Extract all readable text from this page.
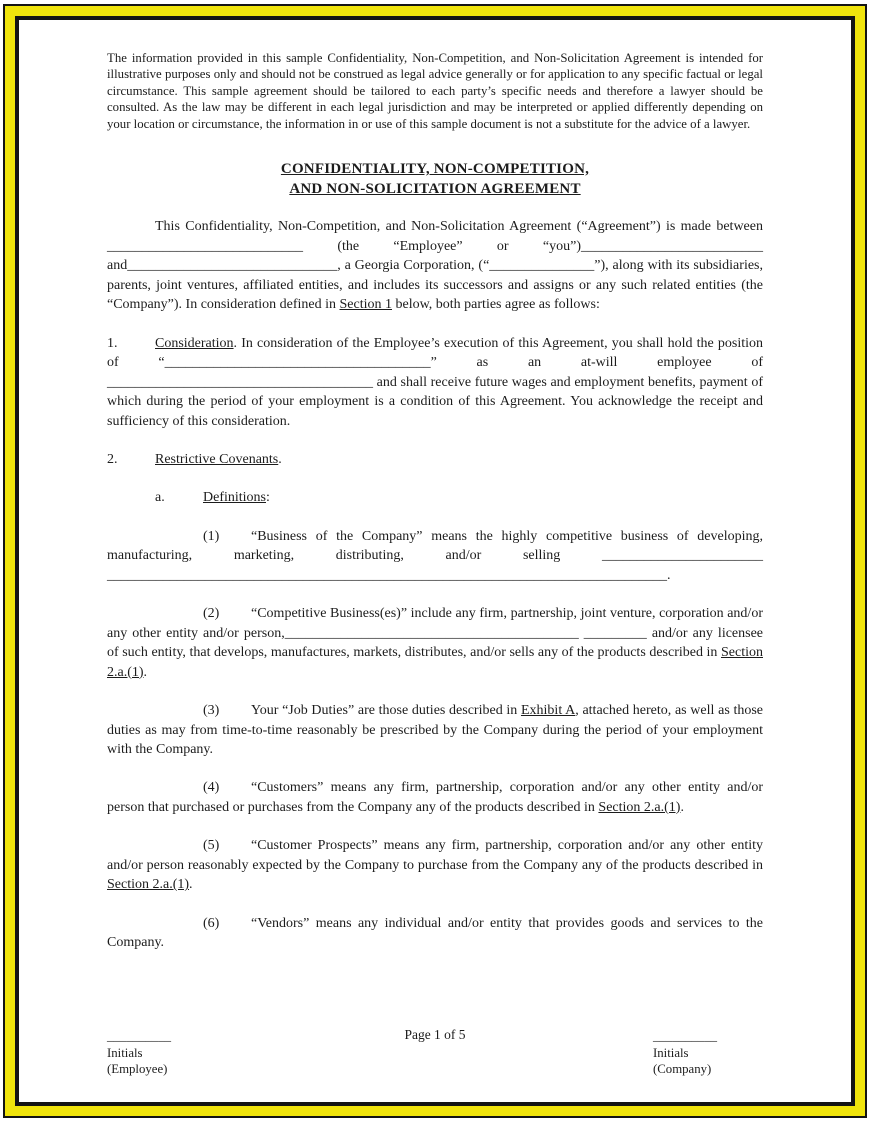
The information provided in this sample Confidentiality, Non-Competition, and Non-Solicitation Agreement is intended for illustrative purposes only and should not be construed as legal advice generally or for application to any specific factual or legal circumstance. This sample agreement should be tailored to each party’s specific needs and therefore a lawyer should be consulted. As the law may be different in each legal jurisdiction and may be interpreted or applied differently depending on your location or circumstance, the information in or use of this sample document is not a substitute for the advice of a lawyer.

CONFIDENTIALITY, NON-COMPETITION,
AND NON-SOLICITATION AGREEMENT

This Confidentiality, Non-Competition, and Non-Solicitation Agreement (“Agreement”) is made between ____________________________ (the “Employee” or “you”)__________________________ and______________________________, a Georgia Corporation, (“_______________”), along with its subsidiaries, parents, joint ventures, affiliated entities, and includes its successors and assigns or any such related entities (the “Company”). In consideration defined in Section 1 below, both parties agree as follows:

1.	Consideration. In consideration of the Employee’s execution of this Agreement, you shall hold the position of “______________________________________” as an at-will employee of ______________________________________ and shall receive future wages and employment benefits, payment of which during the period of your employment is a condition of this Agreement. You acknowledge the receipt and sufficiency of this consideration.

2.	Restrictive Covenants.

a.	Definitions:

(1) “Business of the Company” means the highly competitive business of developing, manufacturing, marketing, distributing, and/or selling _______________________ ________________________________________________________________________________.

(2) “Competitive Business(es)” include any firm, partnership, joint venture, corporation and/or any other entity and/or person,__________________________________________ _________ and/or any licensee of such entity, that develops, manufactures, markets, distributes, and/or sells any of the products described in Section 2.a.(1).

(3) Your “Job Duties” are those duties described in Exhibit A, attached hereto, as well as those duties as may from time-to-time reasonably be prescribed by the Company during the period of your employment with the Company.

(4) “Customers” means any firm, partnership, corporation and/or any other entity and/or person that purchased or purchases from the Company any of the products described in Section 2.a.(1).

(5) “Customer Prospects” means any firm, partnership, corporation and/or any other entity and/or person reasonably expected by the Company to purchase from the Company any of the products described in Section 2.a.(1).

(6) “Vendors” means any individual and/or entity that provides goods and services to the Company.

Page 1 of 5
__________
Initials
(Employee)
__________
Initials
(Company)
